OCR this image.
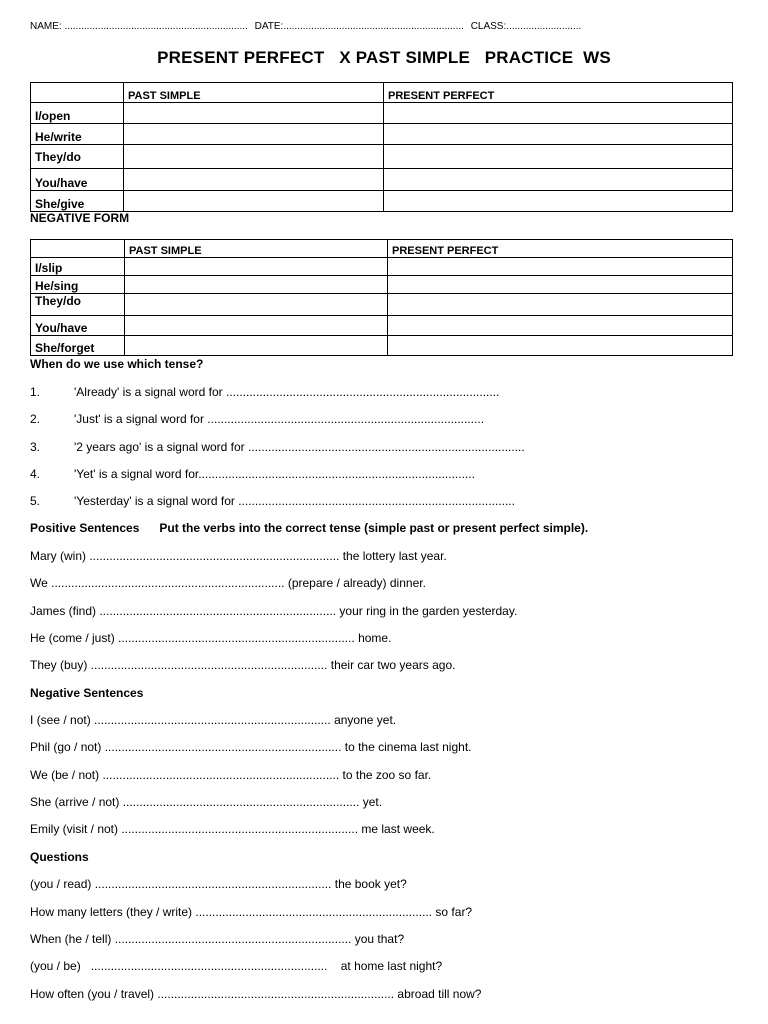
NAME: .................................................................. DATE:................................................................. CLASS:...........................
PRESENT PERFECT   X PAST SIMPLE   PRACTICE  WS
	PAST SIMPLE	PRESENT PERFECT
I/open		
He/write		
They/do		
You/have		
She/give		
NEGATIVE FORM
	PAST SIMPLE	PRESENT PERFECT
I/slip		
He/sing		
They/do		
You/have		
She/forget		
When do we use which tense?
1.	'Already' is a signal word for ..................................................................................
2.	'Just' is a signal word for ...................................................................................
3.	'2 years ago' is a signal word for ...................................................................................
4.	'Yet' is a signal word for...................................................................................
5.	'Yesterday' is a signal word for ...................................................................................
Positive Sentences      Put the verbs into the correct tense (simple past or present perfect simple).
Mary (win) ........................................................................... the lottery last year.
We ...................................................................... (prepare / already) dinner.
James (find) ....................................................................... your ring in the garden yesterday.
He (come / just) ....................................................................... home.
They (buy) ....................................................................... their car two years ago.
Negative Sentences
I (see / not) ....................................................................... anyone yet.
Phil (go / not) ....................................................................... to the cinema last night.
We (be / not) ....................................................................... to the zoo so far.
She (arrive / not) ....................................................................... yet.
Emily (visit / not) ....................................................................... me last week.
Questions
(you / read) ....................................................................... the book yet?
How many letters (they / write) ....................................................................... so far?
When (he / tell) ....................................................................... you that?
(you / be)   .......................................................................    at home last night?
How often (you / travel) ....................................................................... abroad till now?
